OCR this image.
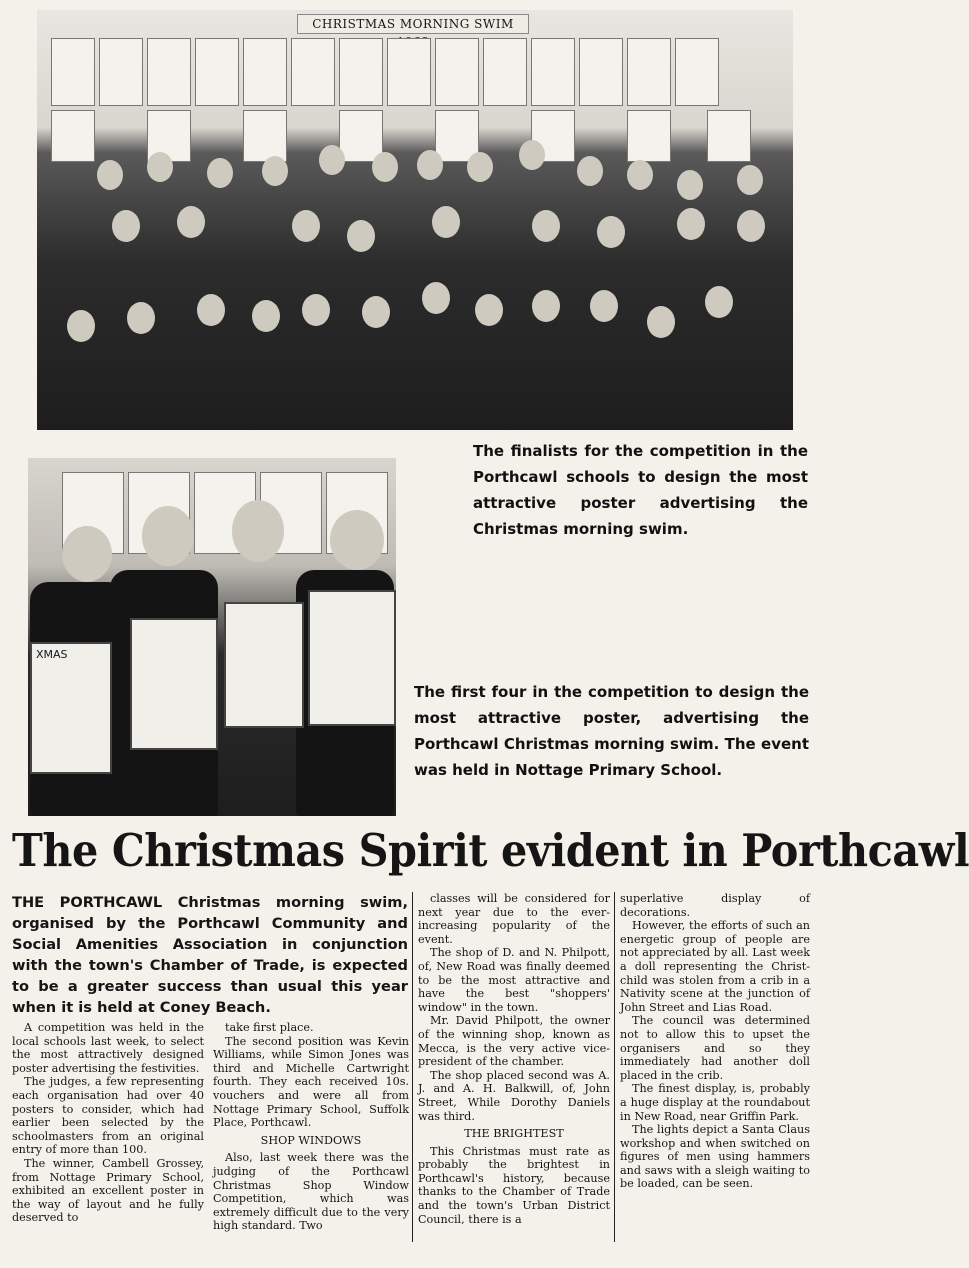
CHRISTMAS MORNING SWIM
XMAS
The finalists for the competition in the Porthcawl schools to design the most attractive poster advertising the Christmas morning swim.
The first four in the competition to design the most attractive poster, advertising the Porthcawl Christmas morning swim. The event was held in Nottage Primary School.
The Christmas Spirit evident in Porthcawl
THE PORTHCAWL Christmas morning swim, organised by the Porthcawl Community and Social Amenities Association in conjunction with the town's Chamber of Trade, is expected to be a greater success than usual this year when it is held at Coney Beach.

A competition was held in the local schools last week, to select the most attractively designed poster advertising the festivities.

The judges, a few representing each organisation had over 40 posters to consider, which had earlier been selected by the schoolmasters from an original entry of more than 100.

The winner, Cambell Grossey, from Nottage Primary School, exhibited an excellent poster in the way of layout and he fully deserved to

take first place.

The second position was Kevin Williams, while Simon Jones was third and Michelle Cartwright fourth. They each received 10s. vouchers and were all from Nottage Primary School, Suffolk Place, Porthcawl.

SHOP WINDOWS

Also, last week there was the judging of the Porthcawl Christmas Shop Window Competition, which was extremely difficult due to the very high standard. Two

classes will be considered for next year due to the ever-increasing popularity of the event.

The shop of D. and N. Philpott, of, New Road was finally deemed to be the most attractive and have the best "shoppers' window" in the town.

Mr. David Philpott, the owner of the winning shop, known as Mecca, is the very active vice-president of the chamber.

The shop placed second was A. J. and A. H. Balkwill, of, John Street, While Dorothy Daniels was third.

THE BRIGHTEST

This Christmas must rate as probably the brightest in Porthcawl's history, because thanks to the Chamber of Trade and the town's Urban District Council, there is a

superlative display of decorations.

However, the efforts of such an energetic group of people are not appreciated by all. Last week a doll representing the Christ-child was stolen from a crib in a Nativity scene at the junction of John Street and Lias Road.

The council was determined not to allow this to upset the organisers and so they immediately had another doll placed in the crib.

The finest display, is, probably a huge display at the roundabout in New Road, near Griffin Park.

The lights depict a Santa Claus workshop and when switched on figures of men using hammers and saws with a sleigh waiting to be loaded, can be seen.
